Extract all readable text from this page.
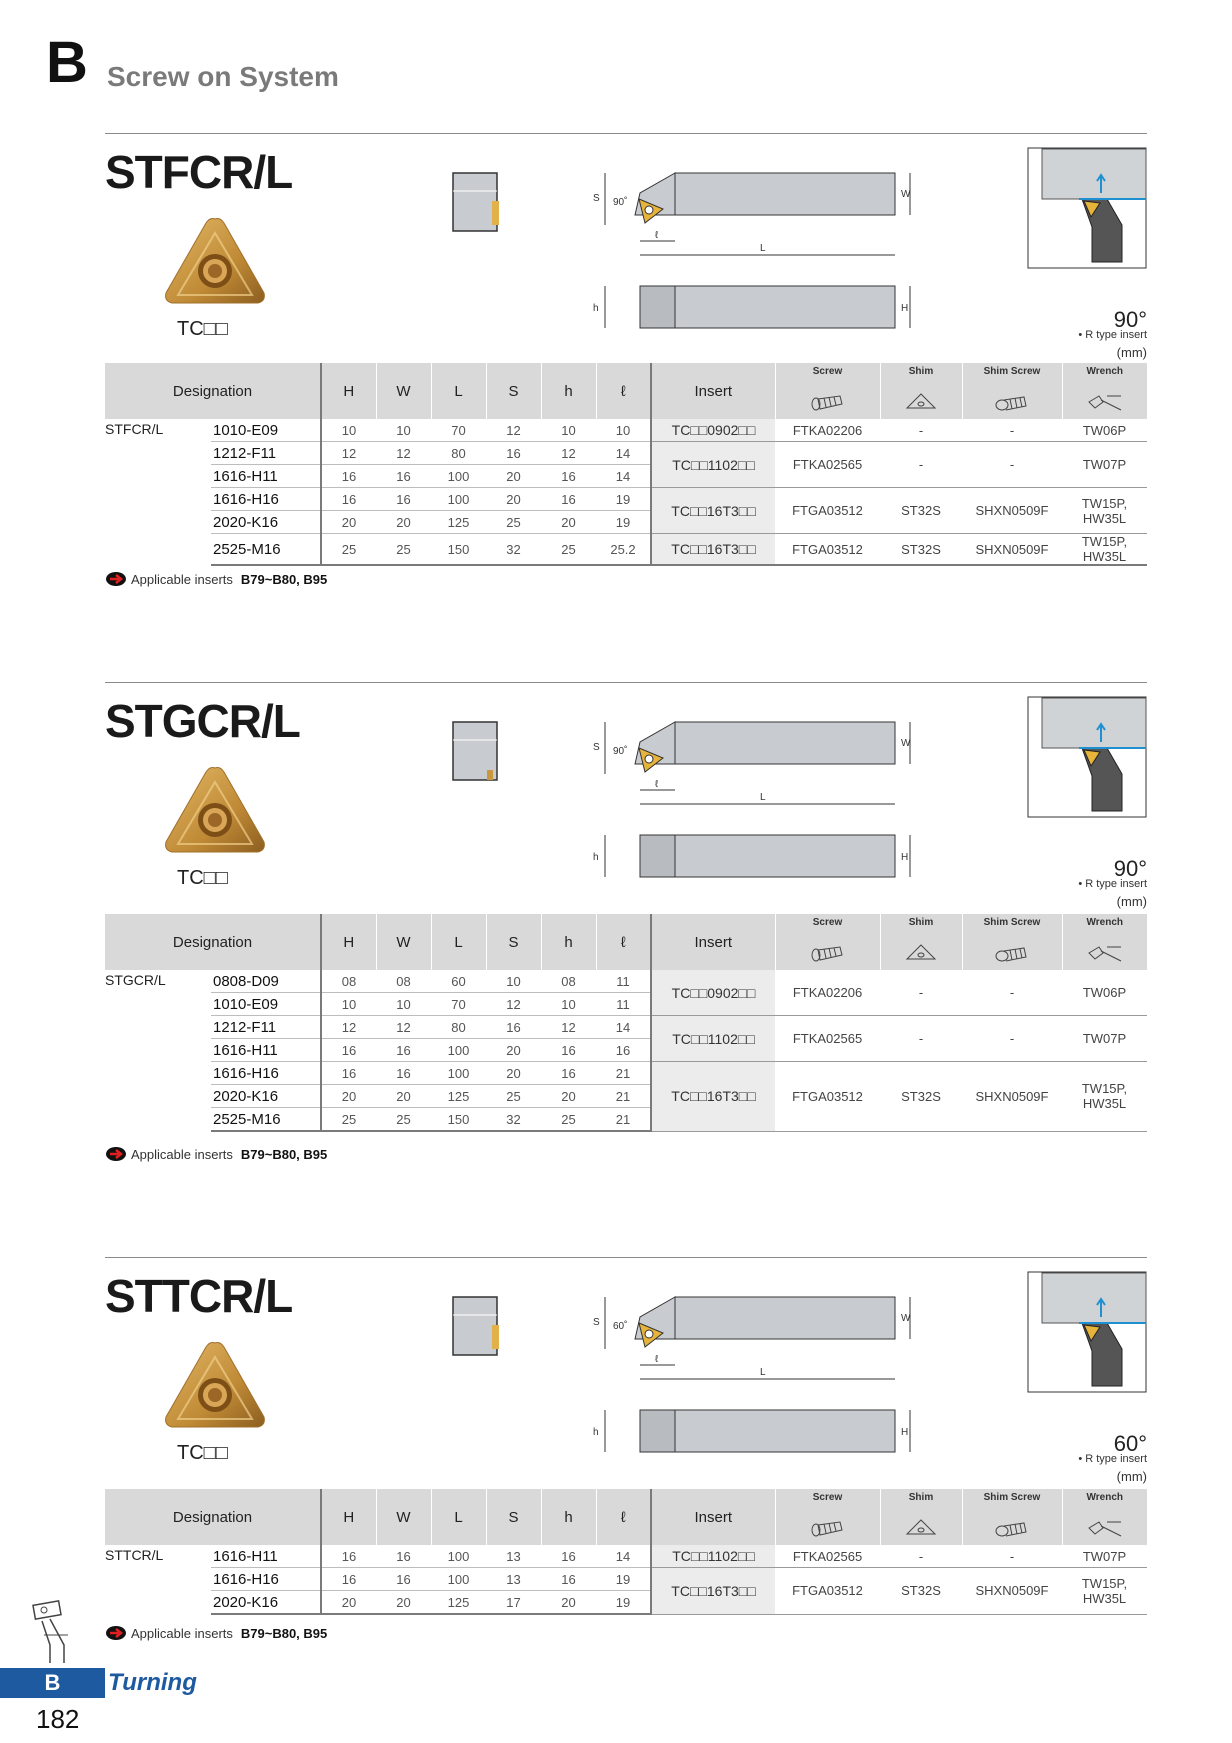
B Screw on System
STFCR/L
TC□□
S	W
L
ℓ
90˚
h	H	90°
• R type insert
(mm)
Designation		H	W	L	S	h	ℓ	Insert	Screw	Shim	Shim Screw	Wrench

STFCR/L	1010-E09	10	10	70	12	10	10	TC□□0902□□	FTKA02206	-	-	TW06P
	1212-F11	12	12	80	16	12	14	TC□□1102□□	FTKA02565	-	-	TW07P
	1616-H11	16	16	100	20	16	14					
	1616-H16	16	16	100	20	16	19	TC□□16T3□□	FTGA03512	ST32S	SHXN0509F	TW15P, HW35L
	2020-K16	20	20	125	25	20	19					
	2525-M16	25	25	150	32	25	25.2	TC□□16T3□□	FTGA03512	ST32S	SHXN0509F	TW15P, HW35L
Applicable inserts B79~B80, B95
STGCR/L
TC□□
S	W
L
ℓ
90˚
h	H	90°
• R type insert
(mm)
Designation		H	W	L	S	h	ℓ	Insert	Screw	Shim	Shim Screw	Wrench

STGCR/L	0808-D09	08	08	60	10	08	11	TC□□0902□□	FTKA02206	-	-	TW06P
	1010-E09	10	10	70	12	10	11					
	1212-F11	12	12	80	16	12	14	TC□□1102□□	FTKA02565	-	-	TW07P
	1616-H11	16	16	100	20	16	16					
	1616-H16	16	16	100	20	16	21	TC□□16T3□□	FTGA03512	ST32S	SHXN0509F	TW15P, HW35L
	2020-K16	20	20	125	25	20	21					
	2525-M16	25	25	150	32	25	21					
Applicable inserts B79~B80, B95
STTCR/L
TC□□
S	W
L
ℓ
60˚
h	H	60°
• R type insert
(mm)
Designation		H	W	L	S	h	ℓ	Insert	Screw	Shim	Shim Screw	Wrench

STTCR/L	1616-H11	16	16	100	13	16	14	TC□□1102□□	FTKA02565	-	-	TW07P
	1616-H16	16	16	100	13	16	19	TC□□16T3□□	FTGA03512	ST32S	SHXN0509F	TW15P, HW35L
	2020-K16	20	20	125	17	20	19					
Applicable inserts B79~B80, B95
B	Turning
182
